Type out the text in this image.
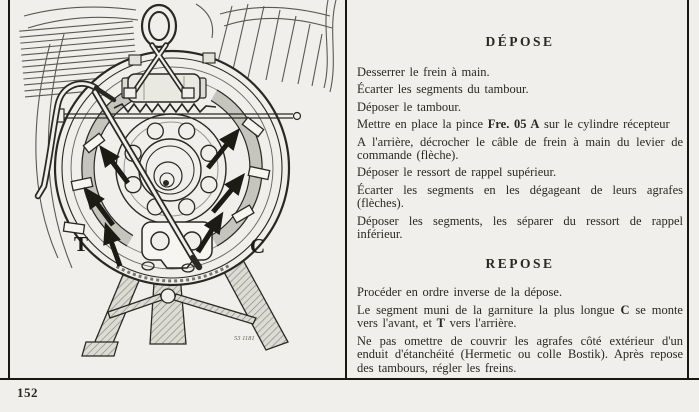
T	C
53 1181
DÉPOSE

Desserrer le frein à main.

Écarter les segments du tambour.

Déposer le tambour.

Mettre en place la pince Fre. 05 A sur le cylindre récepteur

A l'arrière, décrocher le câble de frein à main du levier de commande (flèche).

Déposer le ressort de rappel supérieur.

Écarter les segments en les dégageant de leurs agrafes (flèches).

Déposer les segments, les séparer du ressort de rappel inférieur.

REPOSE

Procéder en ordre inverse de la dépose.

Le segment muni de la garniture la plus longue C se monte vers l'avant, et T vers l'arrière.

Ne pas omettre de couvrir les agrafes côté extérieur d'un enduit d'étanchéité (Hermetic ou colle Bostik). Après repose des tambours, régler les freins.

152
